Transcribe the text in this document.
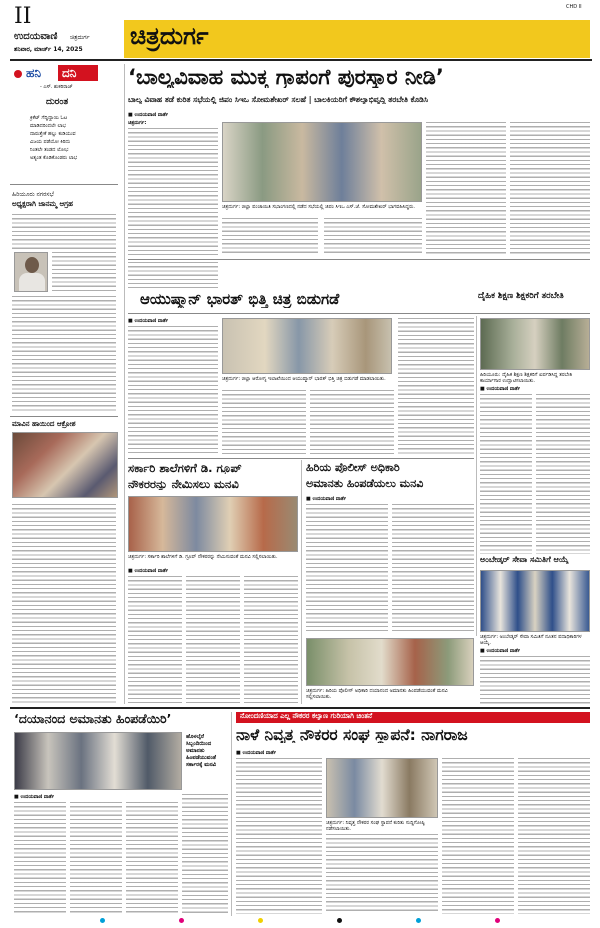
II
ಉದಯವಾಣಿ ಚಿತ್ರದುರ್ಗ
ಶನಿವಾರ, ಮಾರ್ಚ್ 14, 2025 ಚಿತ್ರದುರ್ಗ
CHD II
ಹನಿ ದನಿ
- ಎಸ್. ಶುಕರಿರಾಜ್
ದುರಂತ
ಕ್ರಿಕೆಟ್ ಗೆದ್ದಿದ್ದಾಯಿ ಓಟ
ಮಾಡಿದರಿಂದಲೇ ಲಾಭ
ದಾರುತ್ತೇಕೆ ಹಲ್ಲು ಕುಡಿಯುವ
ವಿಜಯ ಪಡೆಯೋ ಕಿರಿದು
ನಿಂತಲೇ ತಂಡದ ಲೋಭ
ಅತ್ಯಂತ ಕೊಡಿಕೊಂಡರು ಲಾಭ
ಹಿರಿಯೂರು ನಗರಸಭೆ
ಅಧ್ಯಕ್ಷರಾಗಿ ಜಾನಮ್ಮ ಆಗ್ರಹ
ಮಾವಿನ ಹಾಯಿಂದ ಆಕ್ರೋಶ
‘ಬಾಲ್ಯವಿವಾಹ ಮುಕ್ತ ಗ್ರಾಪಂಗೆ ಪುರಸ್ಕಾರ ನೀಡಿ’
ಬಾಲ್ಯ ವಿವಾಹ ತಡೆ ಕುರಿತ ಸಭೆಯಲ್ಲಿ ಜಿಪಂ ಸಿಇಒ ಸೋಮಶೇಖರ್ ಸಲಹೆ | ಬಾಲಕಿಯರಿಗೆ ಕೌಶಲ್ಯಾಭಿವೃದ್ಧಿ ತರಬೇತಿ ಕೊಡಿಸಿ
■ ಉದಯವಾಣಿ ವಾರ್ತೆ
ಚಿತ್ರದುರ್ಗ:
ಚಿತ್ರದುರ್ಗ: ಜಿಲ್ಲಾ ಪಂಚಾಯಿತಿ ಸಭಾಂಗಣದಲ್ಲಿ ನಡೆದ ಸಭೆಯಲ್ಲಿ ಜಿಪಂ ಸಿಇಒ ಎಸ್.ಜೆ. ಸೋಮಶೇಖರ್ ಭಾಗವಹಿಸಿದ್ದರು.
ಆಯುಷ್ಮಾನ್ ಭಾರತ್ ಭಿತ್ತಿ ಚಿತ್ರ ಬಿಡುಗಡೆ	ದೈಹಿಕ ಶಿಕ್ಷಣ ಶಿಕ್ಷಕರಿಗೆ ತರಬೇತಿ
■ ಉದಯವಾಣಿ ವಾರ್ತೆ
ಚಿತ್ರದುರ್ಗ: ಜಿಲ್ಲಾ ಆರೋಗ್ಯ ಇಲಾಖೆಯಿಂದ ಆಯುಷ್ಮಾನ್ ಭಾರತ್ ಭಿತ್ತಿ ಚಿತ್ರ ಬಿಡುಗಡೆ ಮಾಡಲಾಯಿತು.
ಹಿರಿಯೂರು: ದೈಹಿಕ ಶಿಕ್ಷಣ ಶಿಕ್ಷಕರಿಗೆ ಏರ್ಪಡಿಸಿದ್ದ ತರಬೇತಿ ಕಾರ್ಯಾಗಾರ ಉದ್ಘಾಟಿಸಲಾಯಿತು.
■ ಉದಯವಾಣಿ ವಾರ್ತೆ
ಸರ್ಕಾರಿ ಶಾಲೆಗಳಿಗೆ ಡಿ. ಗ್ರೂಪ್
ನೌಕರರನ್ನು ನೇಮಿಸಲು ಮನವಿ
ಚಿತ್ರದುರ್ಗ: ಸರ್ಕಾರಿ ಶಾಲೆಗಳಿಗೆ ಡಿ. ಗ್ರೂಪ್ ನೌಕರರನ್ನು ನೇಮಿಸುವಂತೆ ಮನವಿ ಸಲ್ಲಿಸಲಾಯಿತು.
■ ಉದಯವಾಣಿ ವಾರ್ತೆ
ಹಿರಿಯ ಪೊಲೀಸ್ ಅಧಿಕಾರಿ
ಅಮಾನತು ಹಿಂಪಡೆಯಲು ಮನವಿ
■ ಉದಯವಾಣಿ ವಾರ್ತೆ
ಚಿತ್ರದುರ್ಗ: ಹಿರಿಯ ಪೊಲೀಸ್ ಅಧಿಕಾರಿ ದಯಾನಂದ ಅಮಾನತು ಹಿಂಪಡೆಯುವಂತೆ ಮನವಿ ಸಲ್ಲಿಸಲಾಯಿತು.
ಅಂಬೇಡ್ಕರ್ ಸೇವಾ ಸಮಿತಿಗೆ ಆಯ್ಕೆ
ಚಿತ್ರದುರ್ಗ: ಅಂಬೇಡ್ಕರ್ ಸೇವಾ ಸಮಿತಿಗೆ ನೂತನ ಪದಾಧಿಕಾರಿಗಳ ಆಯ್ಕೆ.
■ ಉದಯವಾಣಿ ವಾರ್ತೆ
‘ದಯಾನಂದ ಅಮಾನತು ಹಿಂಪಡೆಯಿರಿ’
ಹೊಳಲ್ಕೆರೆ ಸಿಬ್ಬಂದಿಯಿಂದ ಅಮಾನತು ಹಿಂಪಡೆಯುವಂತೆ ಸರ್ಕಾರಕ್ಕೆ ಮನವಿ
■ ಉದಯವಾಣಿ ವಾರ್ತೆ
ನೋಂದಣಿಯಾದ ಎಲ್ಲ ನೌಕರರ ಕಲ್ಯಾಣ ಗುರಿಯಾಗಿ ಚಿಂತನೆ
ನಾಳೆ ನಿವೃತ್ತ ನೌಕರರ ಸಂಘ ಸ್ಥಾಪನೆ: ನಾಗರಾಜ
■ ಉದಯವಾಣಿ ವಾರ್ತೆ
ಚಿತ್ರದುರ್ಗ: ನಿವೃತ್ತ ನೌಕರರ ಸಂಘ ಸ್ಥಾಪನೆ ಕುರಿತು ಸುದ್ದಿಗೋಷ್ಠಿ ನಡೆಸಲಾಯಿತು.
